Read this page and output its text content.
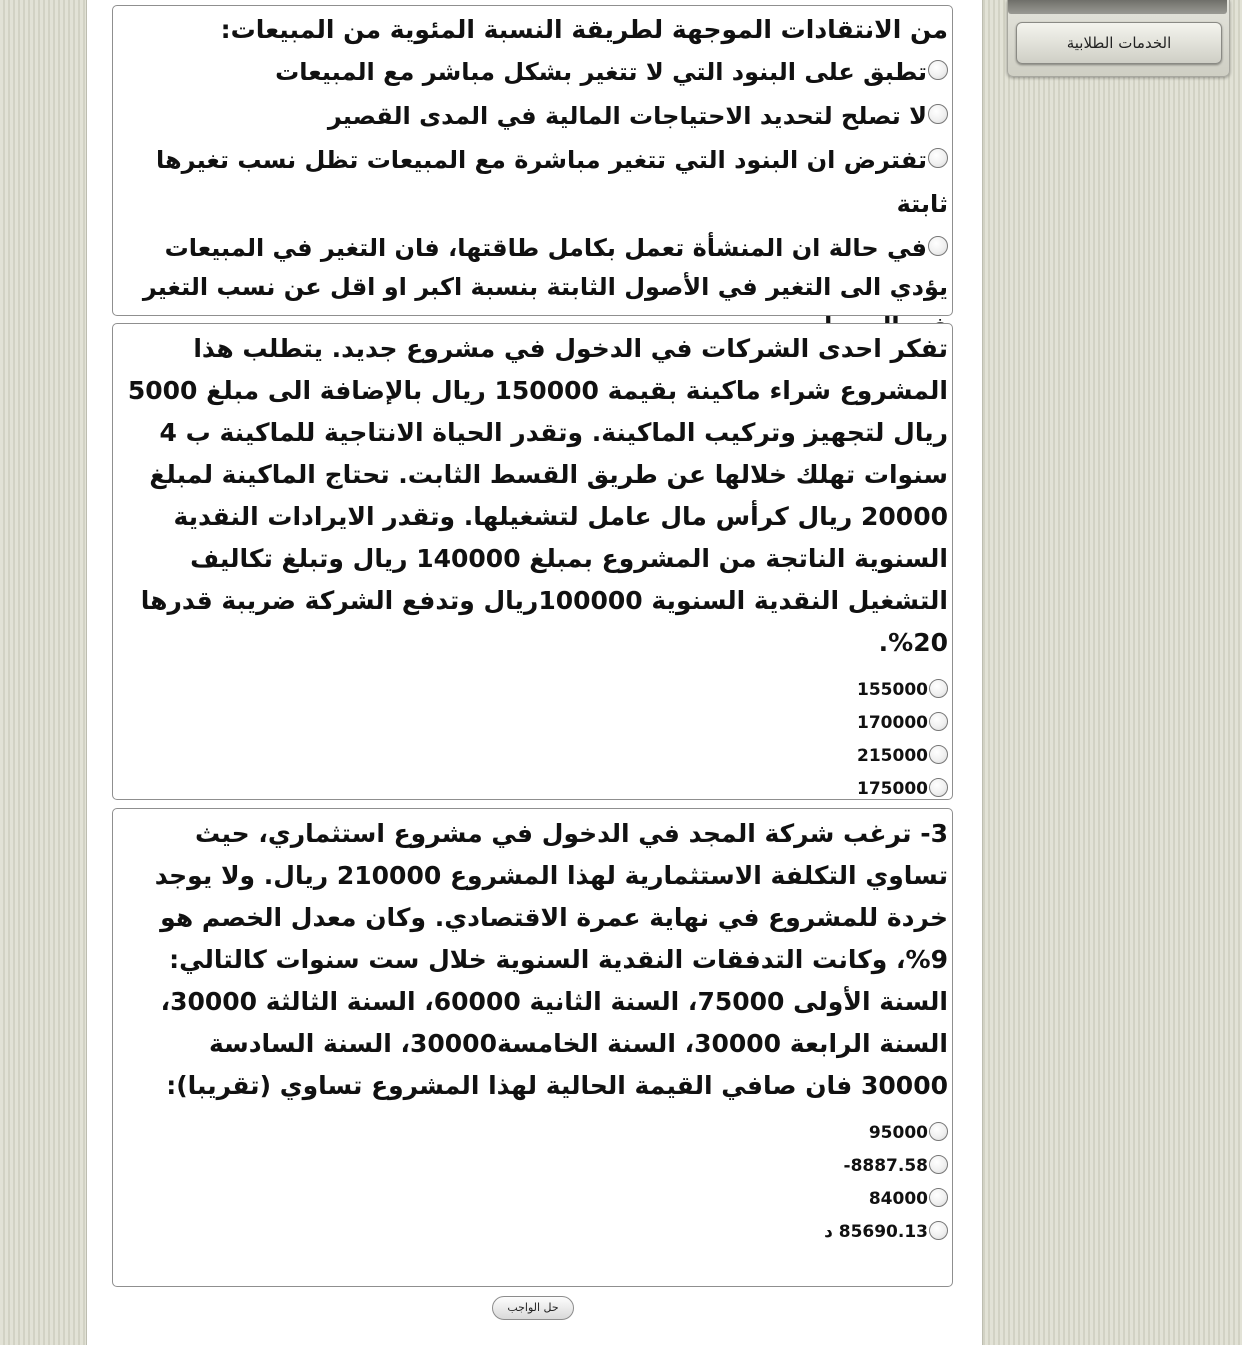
الخدمات الطلابية

من الانتقادات الموجهة لطريقة النسبة المئوية من المبيعات:

تطبق على البنود التي لا تتغير بشكل مباشر مع المبيعات
لا تصلح لتحديد الاحتياجات المالية في المدى القصير
تفترض ان البنود التي تتغير مباشرة مع المبيعات تظل نسب تغيرها ثابتة
في حالة ان المنشأة تعمل بكامل طاقتها، فان التغير في المبيعات يؤدي الى التغير في الأصول الثابتة بنسبة اكبر او اقل عن نسب التغير

تفكر احدى الشركات في الدخول في مشروع جديد. يتطلب هذا المشروع شراء ماكينة بقيمة 150000 ريال بالإضافة الى مبلغ 5000 ريال لتجهيز وتركيب الماكينة. وتقدر الحياة الانتاجية للماكينة ب 4 سنوات تهلك خلالها عن طريق القسط الثابت. تحتاج الماكينة لمبلغ 20000 ريال كرأس مال عامل لتشغيلها. وتقدر الايرادات النقدية السنوية الناتجة من المشروع بمبلغ 140000 ريال وتبلغ تكاليف التشغيل النقدية السنوية 100000ريال وتدفع الشركة ضريبة قدرها 20%.

155000
170000
215000
175000

3- ترغب شركة المجد في الدخول في مشروع استثماري، حيث تساوي التكلفة الاستثمارية لهذا المشروع 210000 ريال. ولا يوجد خردة للمشروع في نهاية عمرة الاقتصادي. وكان معدل الخصم هو 9%، وكانت التدفقات النقدية السنوية خلال ست سنوات كالتالي: السنة الأولى 75000، السنة الثانية 60000، السنة الثالثة 30000، السنة الرابعة 30000، السنة الخامسة30000، السنة السادسة 30000 فان صافي القيمة الحالية لهذا المشروع تساوي (تقريبا):

95000
8887.58-
84000
85690.13 د
حل الواجب
